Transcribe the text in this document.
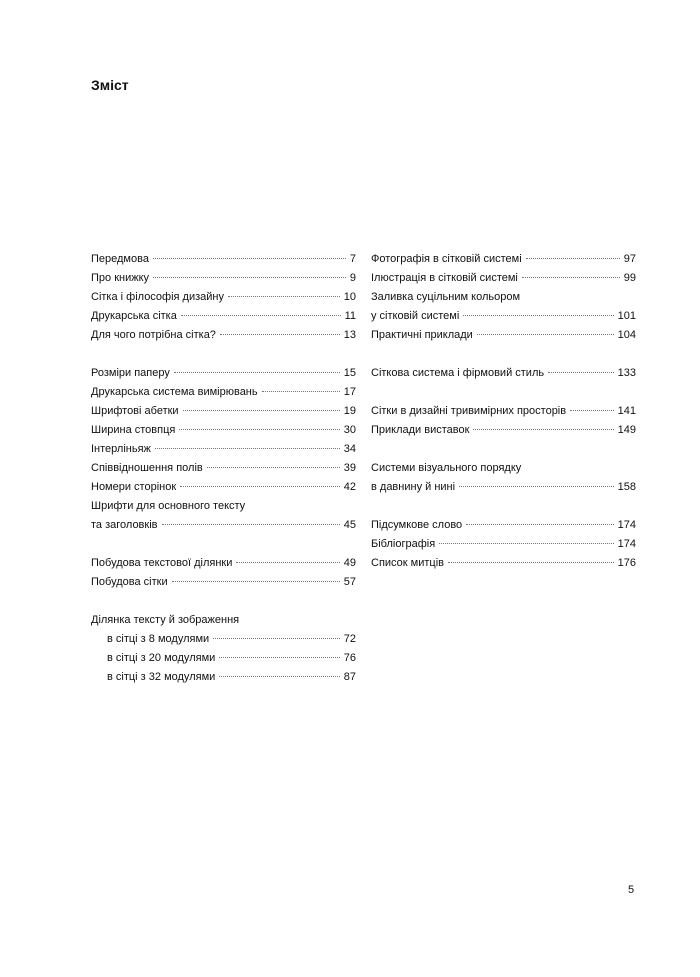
Зміст
Передмова	7
Про книжку	9
Сітка і філософія дизайну	10
Друкарська сітка	11
Для чого потрібна сітка?	13
Розміри паперу	15
Друкарська система вимірювань	17
Шрифтові абетки	19
Ширина стовпця	30
Інтерліньяж	34
Співвідношення полів	39
Номери сторінок	42
Шрифти для основного тексту
та заголовків	45
Побудова текстової ділянки	49
Побудова сітки	57
Ділянка тексту й зображення
в сітці з 8 модулями	72
в сітці з 20 модулями	76
в сітці з 32 модулями	87
Фотографія в сітковій системі	97
Ілюстрація в сітковій системі	99
Заливка суцільним кольором
у сітковій системі	101
Практичні приклади	104
Сіткова система і фірмовий стиль	133
Сітки в дизайні тривимірних просторів	141
Приклади виставок	149
Системи візуального порядку
в давнину й нині	158
Підсумкове слово	174
Бібліографія	174
Список митців	176
5
